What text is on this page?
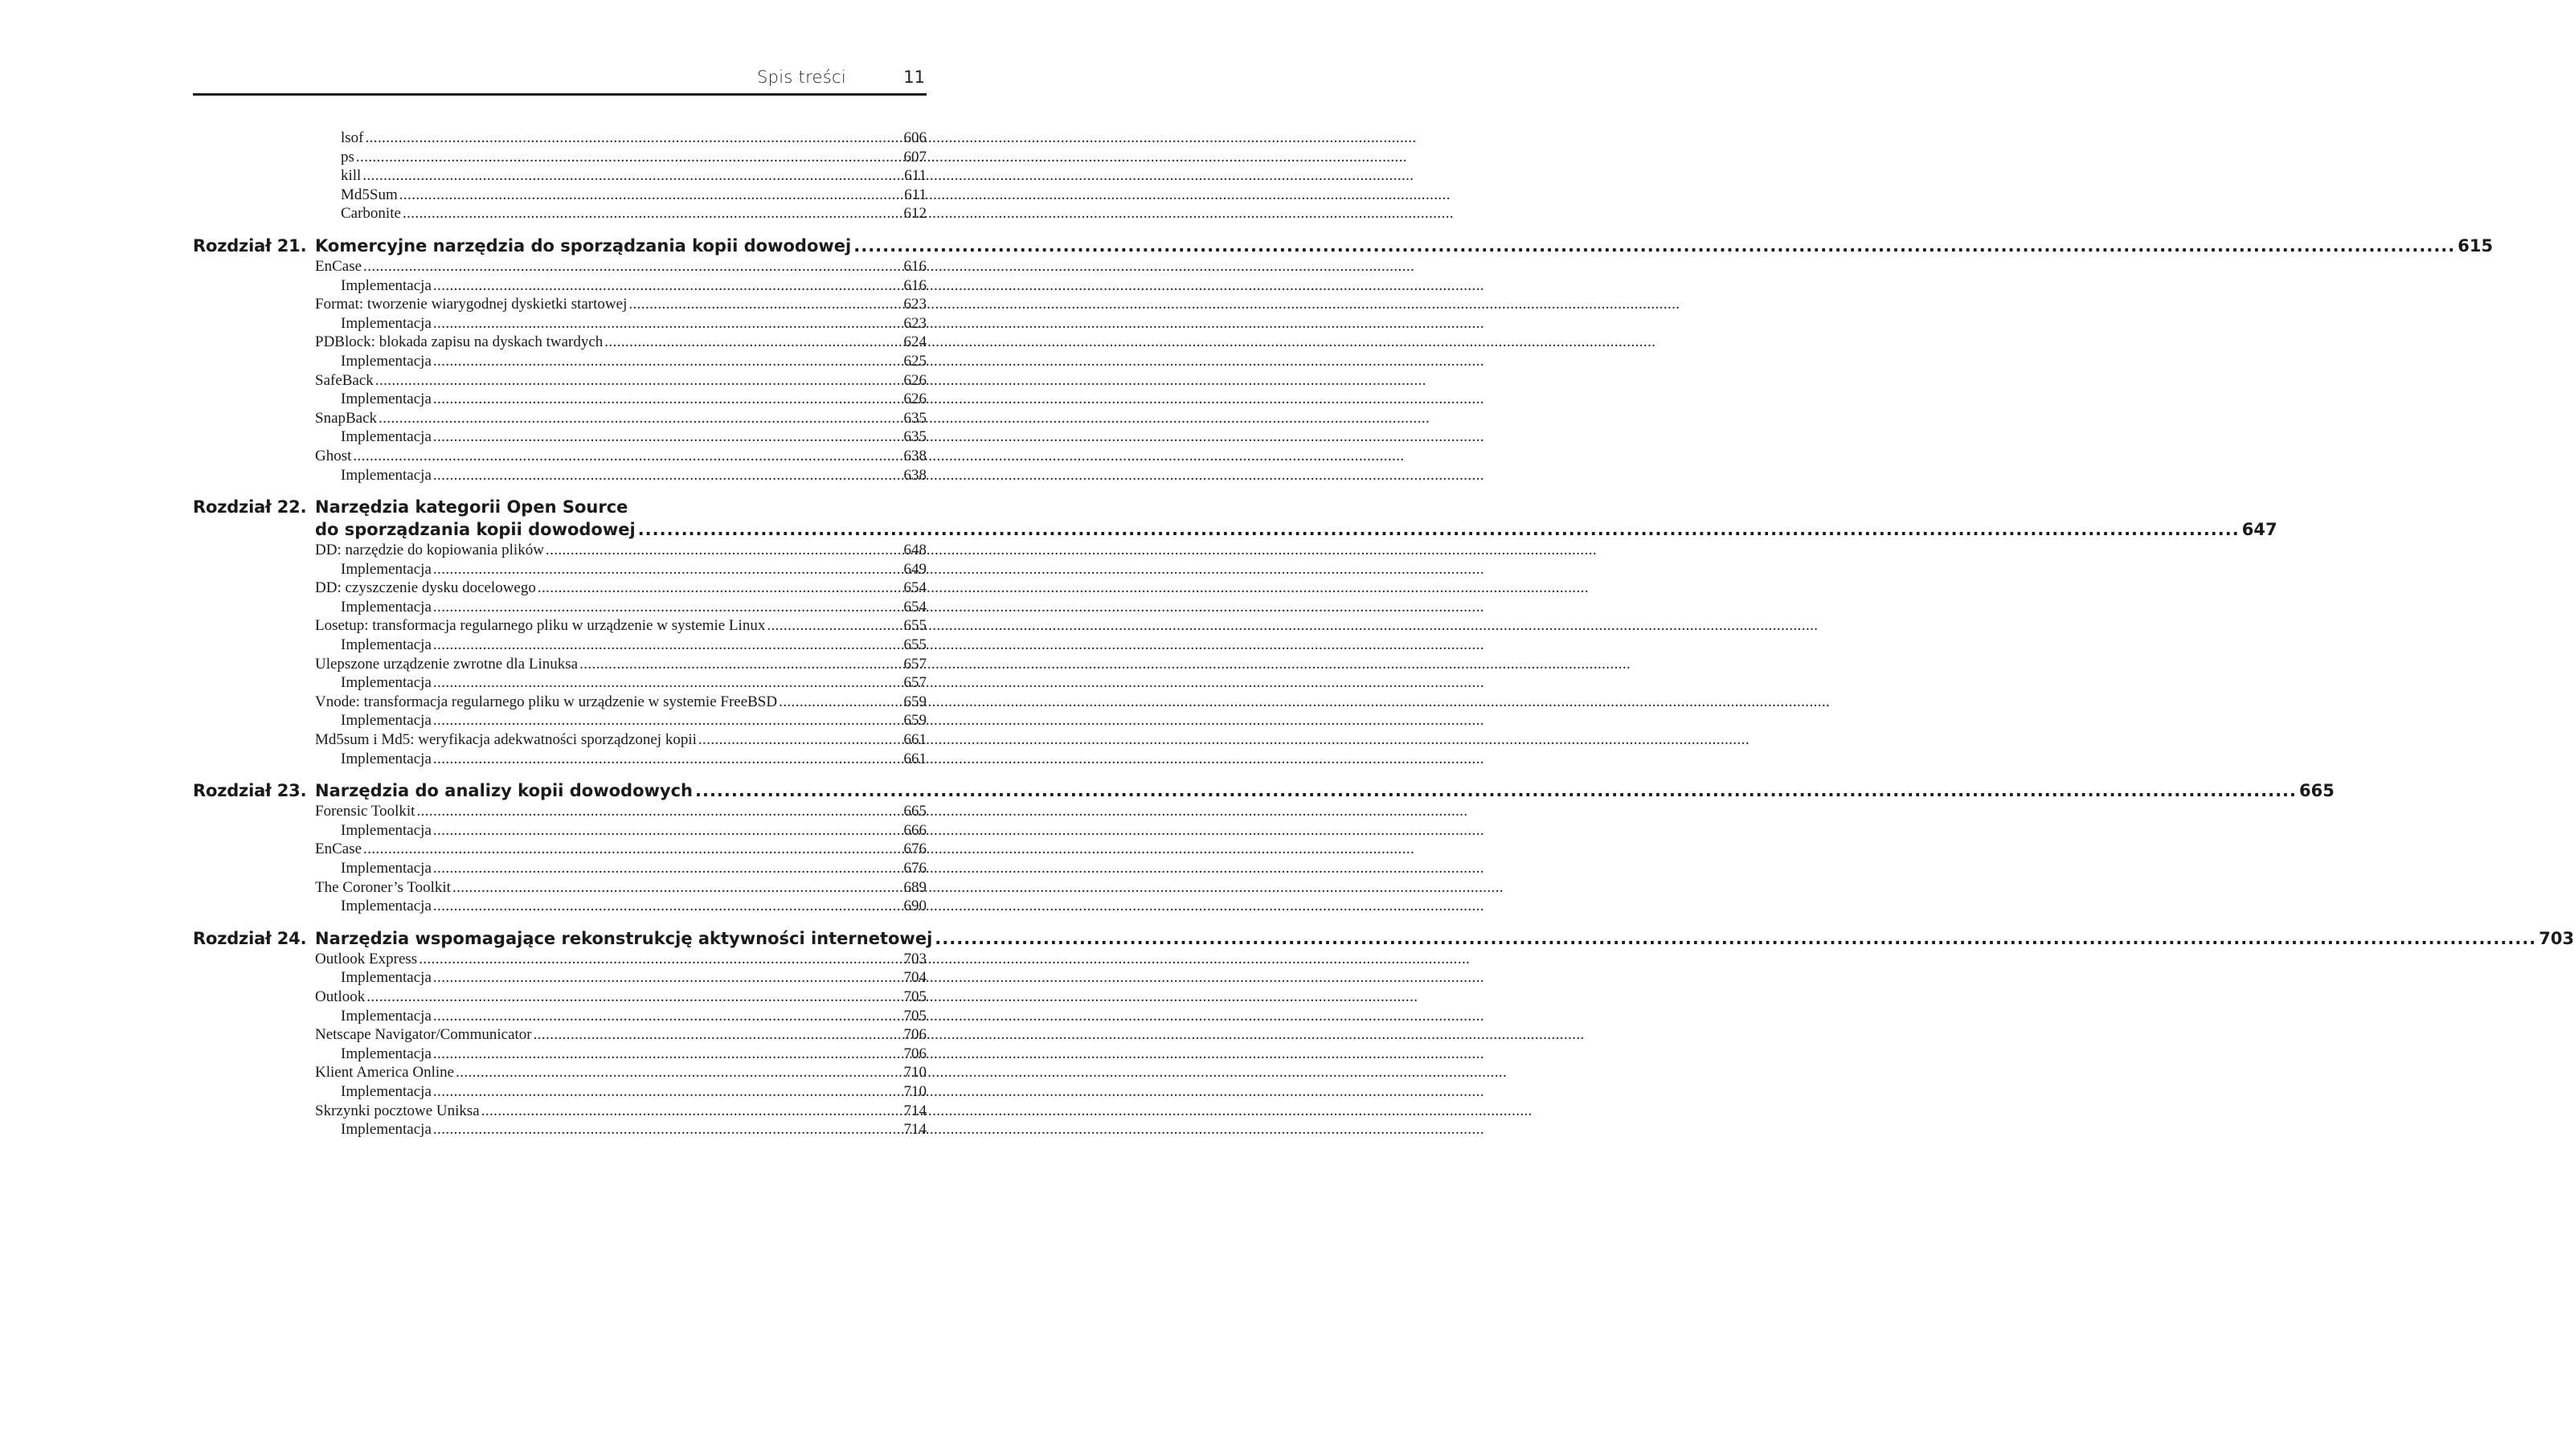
Spis treści	11
lsof .....	606
ps .....	607
kill .....	611
Md5Sum .....	611
Carbonite .....	612
Rozdział 21. Komercyjne narzędzia do sporządzania kopii dowodowej .....	615
EnCase .....	616
Implementacja .....	616
Format: tworzenie wiarygodnej dyskietki startowej .....	623
Implementacja .....	623
PDBlock: blokada zapisu na dyskach twardych .....	624
Implementacja .....	625
SafeBack .....	626
Implementacja .....	626
SnapBack .....	635
Implementacja .....	635
Ghost .....	638
Implementacja .....	638
Rozdział 22. Narzędzia kategorii Open Source
do sporządzania kopii dowodowej .....	647
DD: narzędzie do kopiowania plików .....	648
Implementacja .....	649
DD: czyszczenie dysku docelowego .....	654
Implementacja .....	654
Losetup: transformacja regularnego pliku w urządzenie w systemie Linux .....	655
Implementacja .....	655
Ulepszone urządzenie zwrotne dla Linuksa .....	657
Implementacja .....	657
Vnode: transformacja regularnego pliku w urządzenie w systemie FreeBSD .....	659
Implementacja .....	659
Md5sum i Md5: weryfikacja adekwatności sporządzonej kopii .....	661
Implementacja .....	661
Rozdział 23. Narzędzia do analizy kopii dowodowych .....	665
Forensic Toolkit .....	665
Implementacja .....	666
EnCase .....	676
Implementacja .....	676
The Coroner’s Toolkit .....	689
Implementacja .....	690
Rozdział 24. Narzędzia wspomagające rekonstrukcję aktywności internetowej .....	703
Outlook Express .....	703
Implementacja .....	704
Outlook .....	705
Implementacja .....	705
Netscape Navigator/Communicator .....	706
Implementacja .....	706
Klient America Online .....	710
Implementacja .....	710
Skrzynki pocztowe Uniksa .....	714
Implementacja .....	714
